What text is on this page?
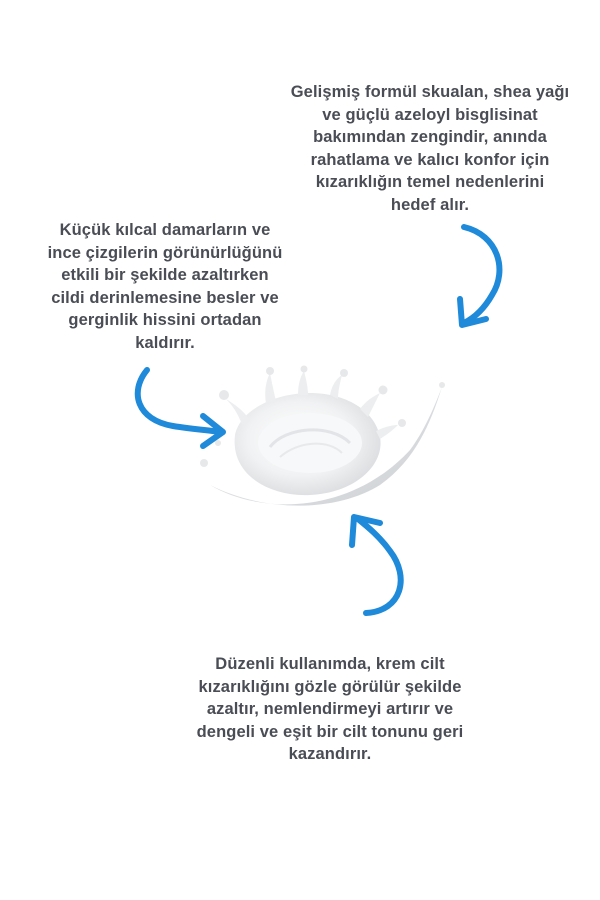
Gelişmiş formül skualan, shea yağı
ve güçlü azeloyl bisglisinat
bakımından zengindir, anında
rahatlama ve kalıcı konfor için
kızarıklığın temel nedenlerini
hedef alır.
Küçük kılcal damarların ve
ince çizgilerin görünürlüğünü
etkili bir şekilde azaltırken
cildi derinlemesine besler ve
gerginlik hissini ortadan
kaldırır.
Düzenli kullanımda, krem cilt
kızarıklığını gözle görülür şekilde
azaltır, nemlendirmeyi artırır ve
dengeli ve eşit bir cilt tonunu geri
kazandırır.
